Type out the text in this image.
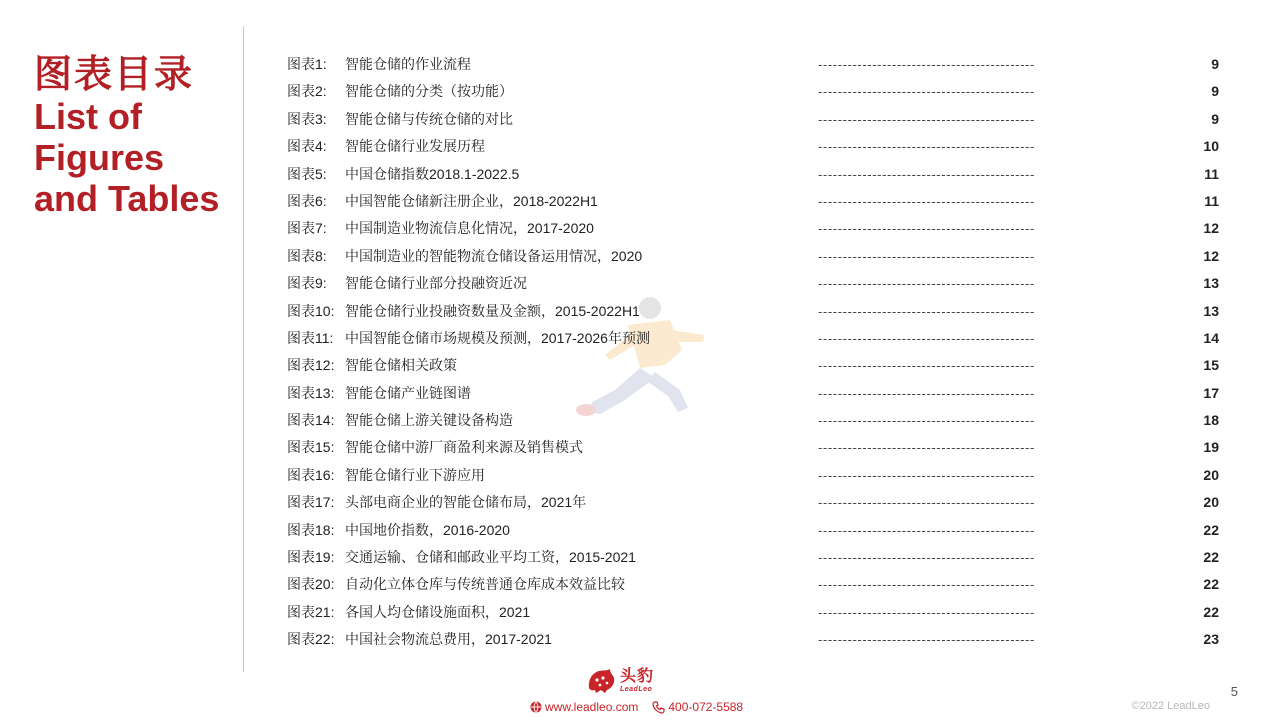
图表目录
List of
Figures
and Tables
图表1: 智能仓储的作业流程	--------------------------------------------	9
图表2: 智能仓储的分类（按功能）	--------------------------------------------	9
图表3: 智能仓储与传统仓储的对比	--------------------------------------------	9
图表4: 智能仓储行业发展历程	--------------------------------------------	10
图表5: 中国仓储指数2018.1-2022.5	--------------------------------------------	11
图表6: 中国智能仓储新注册企业，2018-2022H1	--------------------------------------------	11
图表7: 中国制造业物流信息化情况，2017-2020	--------------------------------------------	12
图表8: 中国制造业的智能物流仓储设备运用情况，2020	--------------------------------------------	12
图表9: 智能仓储行业部分投融资近况	--------------------------------------------	13
图表10: 智能仓储行业投融资数量及金额，2015-2022H1	--------------------------------------------	13
图表11: 中国智能仓储市场规模及预测，2017-2026年预测	--------------------------------------------	14
图表12: 智能仓储相关政策	--------------------------------------------	15
图表13: 智能仓储产业链图谱	--------------------------------------------	17
图表14: 智能仓储上游关键设备构造	--------------------------------------------	18
图表15: 智能仓储中游厂商盈利来源及销售模式	--------------------------------------------	19
图表16: 智能仓储行业下游应用	--------------------------------------------	20
图表17: 头部电商企业的智能仓储布局，2021年	--------------------------------------------	20
图表18: 中国地价指数，2016-2020	--------------------------------------------	22
图表19: 交通运输、仓储和邮政业平均工资，2015-2021	--------------------------------------------	22
图表20: 自动化立体仓库与传统普通仓库成本效益比较	--------------------------------------------	22
图表21: 各国人均仓储设施面积，2021	--------------------------------------------	22
图表22: 中国社会物流总费用，2017-2021	--------------------------------------------	23
头豹
LeadLeo
www.leadleo.com	400-072-5588
5
©2022 LeadLeo
